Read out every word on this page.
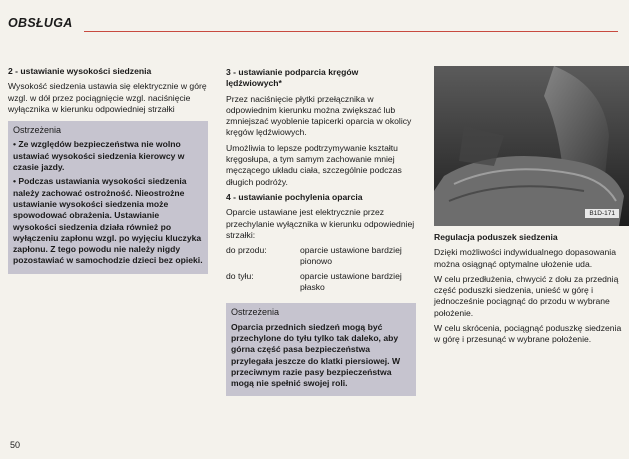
OBSŁUGA
2 - ustawianie wysokości siedzenia

Wysokość siedzenia ustawia się elektrycznie w górę wzgl. w dół przez pociągnięcie wzgl. naciśnięcie wyłącznika w kierunku odpowiedniej strzałki

Ostrzeżenia

• Ze względów bezpieczeństwa nie wolno ustawiać wysokości siedzenia kierowcy w czasie jazdy.

• Podczas ustawiania wysokości siedzenia należy zachować ostrożność. Nieostrożne ustawianie wysokości siedzenia może spowodować obrażenia. Ustawianie wysokości siedzenia działa również po wyłączeniu zapłonu wzgl. po wyjęciu kluczyka zapłonu. Z tego powodu nie należy nigdy pozostawiać w samochodzie dzieci bez opieki.

3 - ustawianie podparcia kręgów lędźwiowych*

Przez naciśnięcie płytki przełącznika w odpowiednim kierunku można zwiększać lub zmniejszać wyoblenie tapicerki oparcia w okolicy kręgów lędźwiowych.

Umożliwia to lepsze podtrzymywanie kształtu kręgosłupa, a tym samym zachowanie mniej męczącego układu ciała, szczególnie podczas długich podróży.

4 - ustawianie pochylenia oparcia

Oparcie ustawiane jest elektrycznie przez przechylanie wyłącznika w kierunku odpowiedniej strzałki:

do przodu:	oparcie ustawione bardziej pionowo
do tyłu:	oparcie ustawione bardziej płasko
Ostrzeżenia

Oparcia przednich siedzeń mogą być przechylone do tyłu tylko tak daleko, aby górna część pasa bezpieczeństwa przylegała jeszcze do klatki piersiowej. W przeciwnym razie pasy bezpieczeństwa mogą nie spełnić swojej roli.

B1D-171
Regulacja poduszek siedzenia

Dzięki możliwości indywidualnego dopasowania można osiągnąć optymalne ułożenie uda.

W celu przedłużenia, chwycić z dołu za przednią część poduszki siedzenia, unieść w górę i jednocześnie pociągnąć do przodu w wybrane położenie.

W celu skrócenia, pociągnąć poduszkę siedzenia w górę i przesunąć w wybrane położenie.

50
